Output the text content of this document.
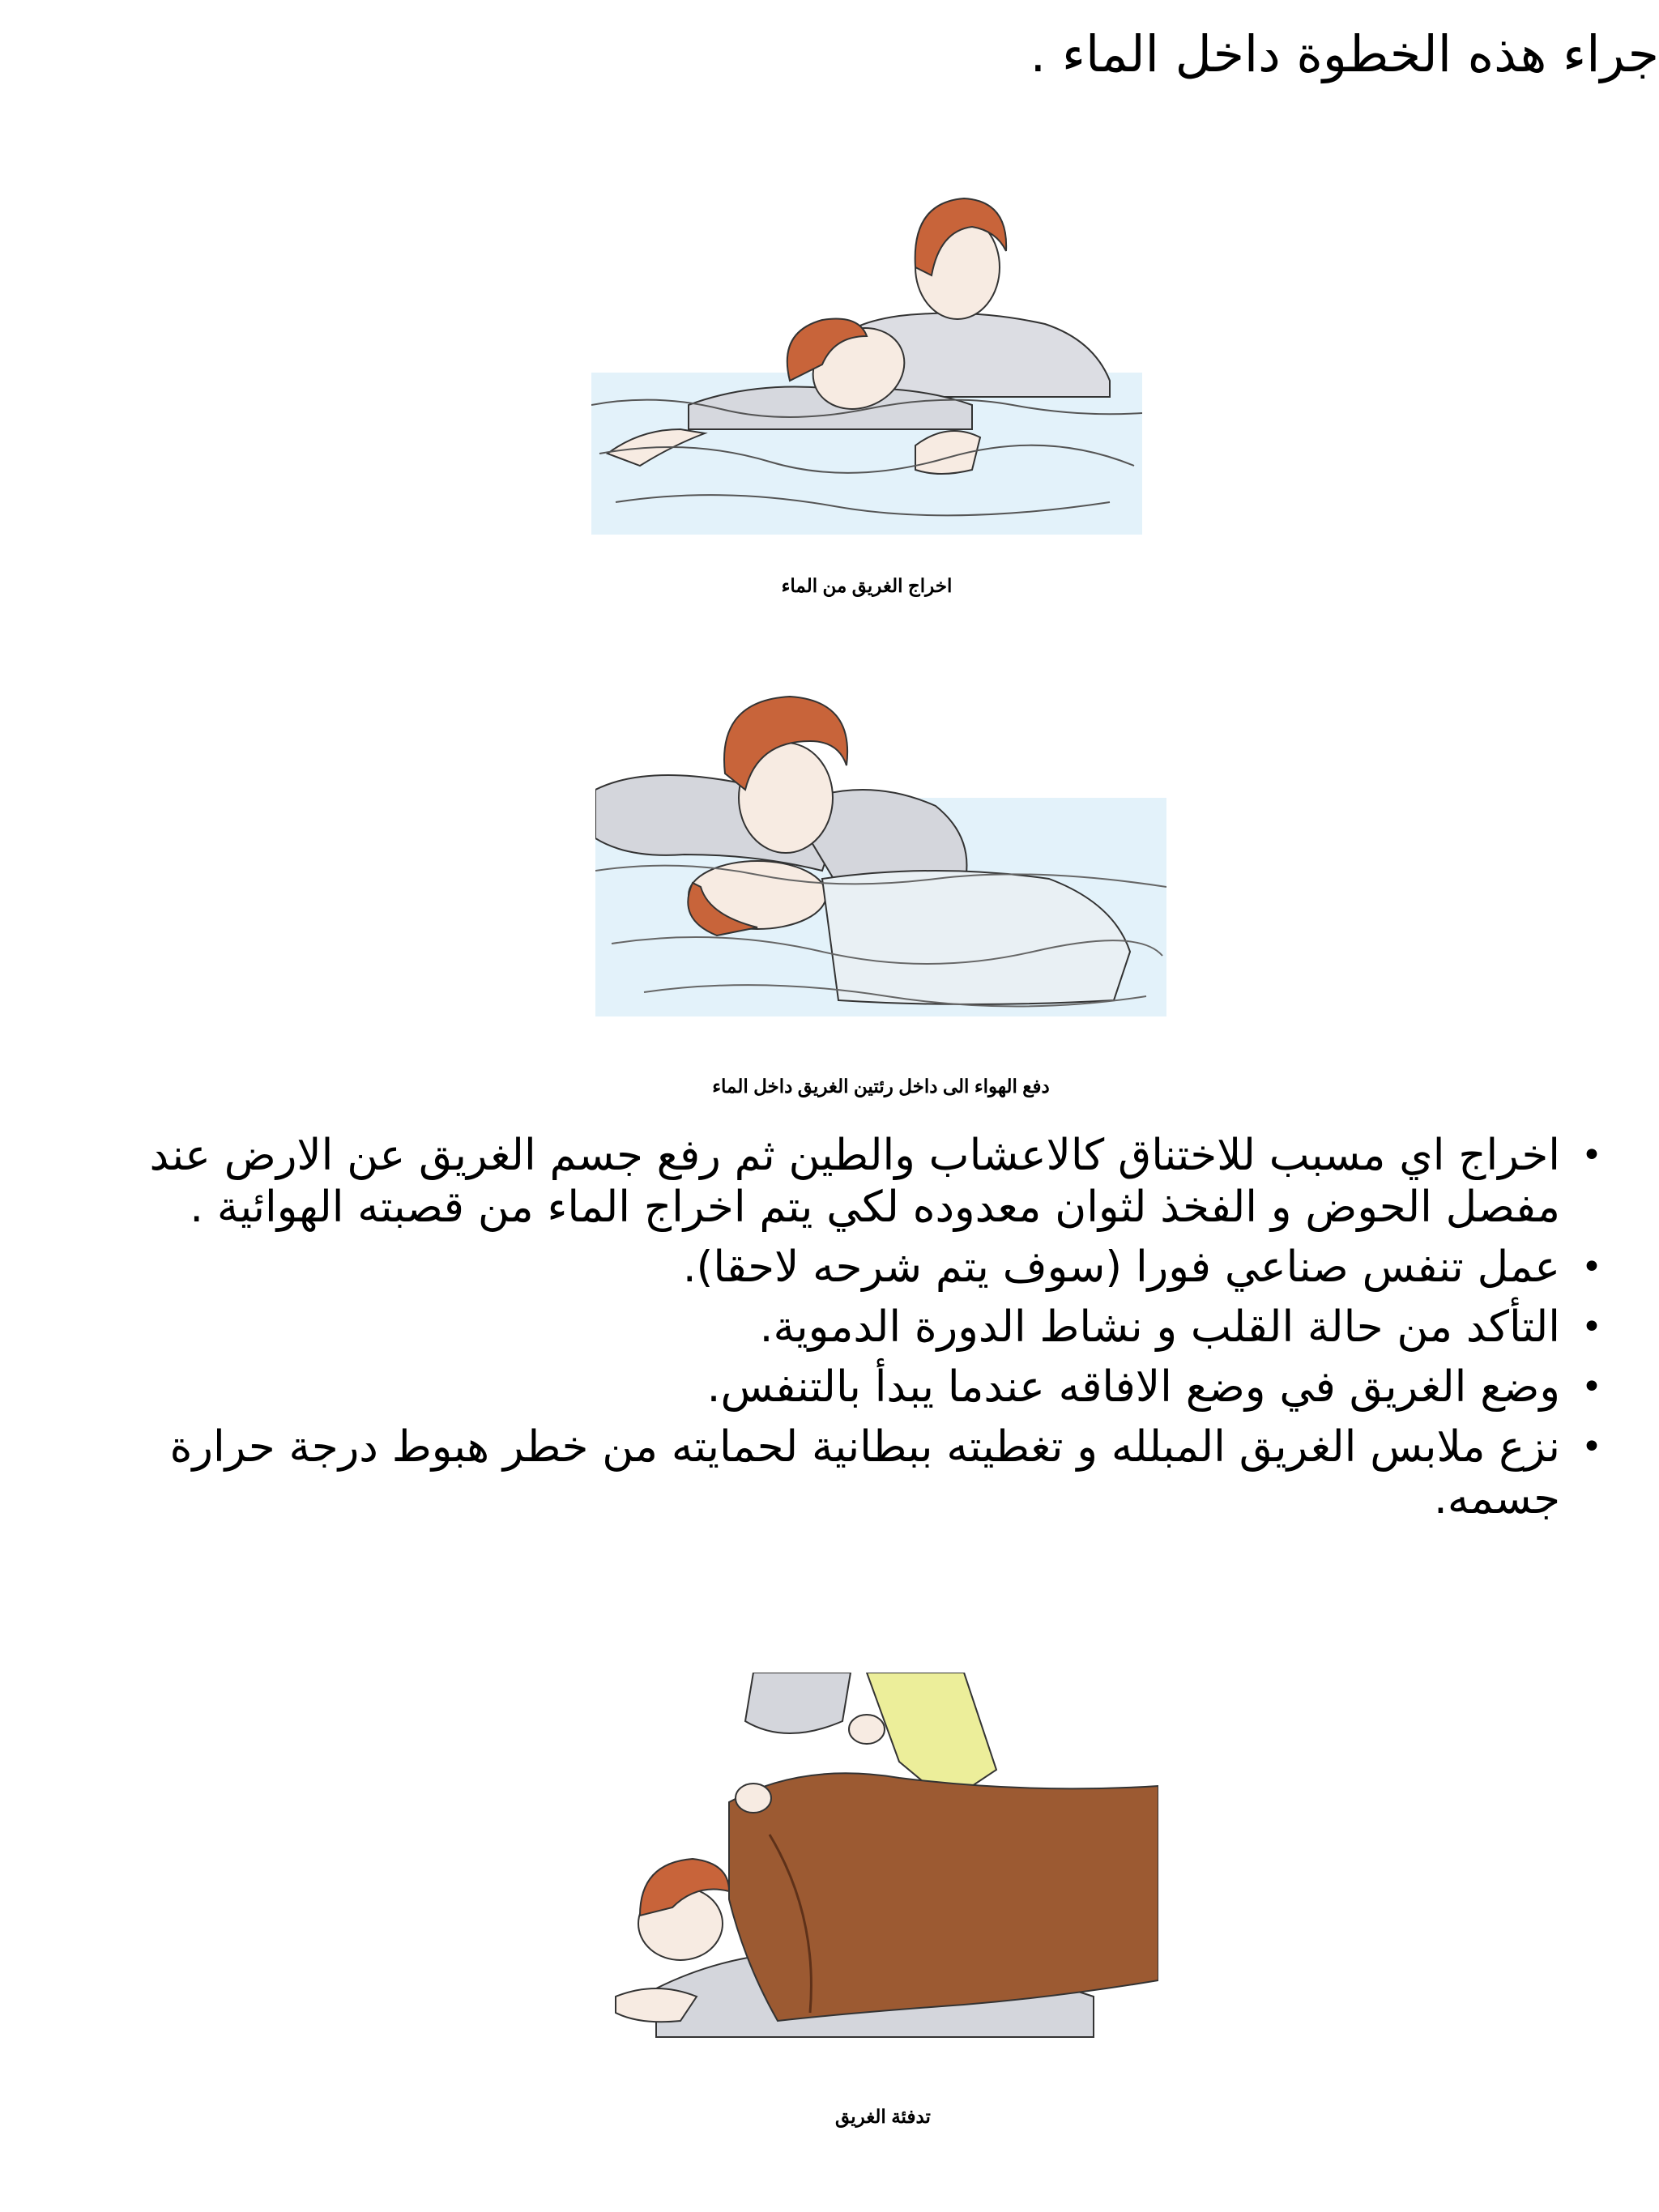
جراء هذه الخطوة داخل الماء .
اخراج الغريق من الماء
دفع الهواء الى داخل رئتين الغريق داخل الماء
• اخراج اي مسبب للاختناق كالاعشاب والطين ثم رفع جسم الغريق عن الارض عند مفصل الحوض و الفخذ لثوان معدوده لكي يتم اخراج الماء من قصبته الهوائية .
• عمل تنفس صناعي فورا (سوف يتم شرحه لاحقا).
• التأكد من حالة القلب و نشاط الدورة الدموية.
• وضع الغريق في وضع الافاقه عندما يبدأ بالتنفس.
• نزع ملابس الغريق المبلله و تغطيته ببطانية لحمايته من خطر هبوط درجة حرارة جسمه.
تدفئة الغريق
